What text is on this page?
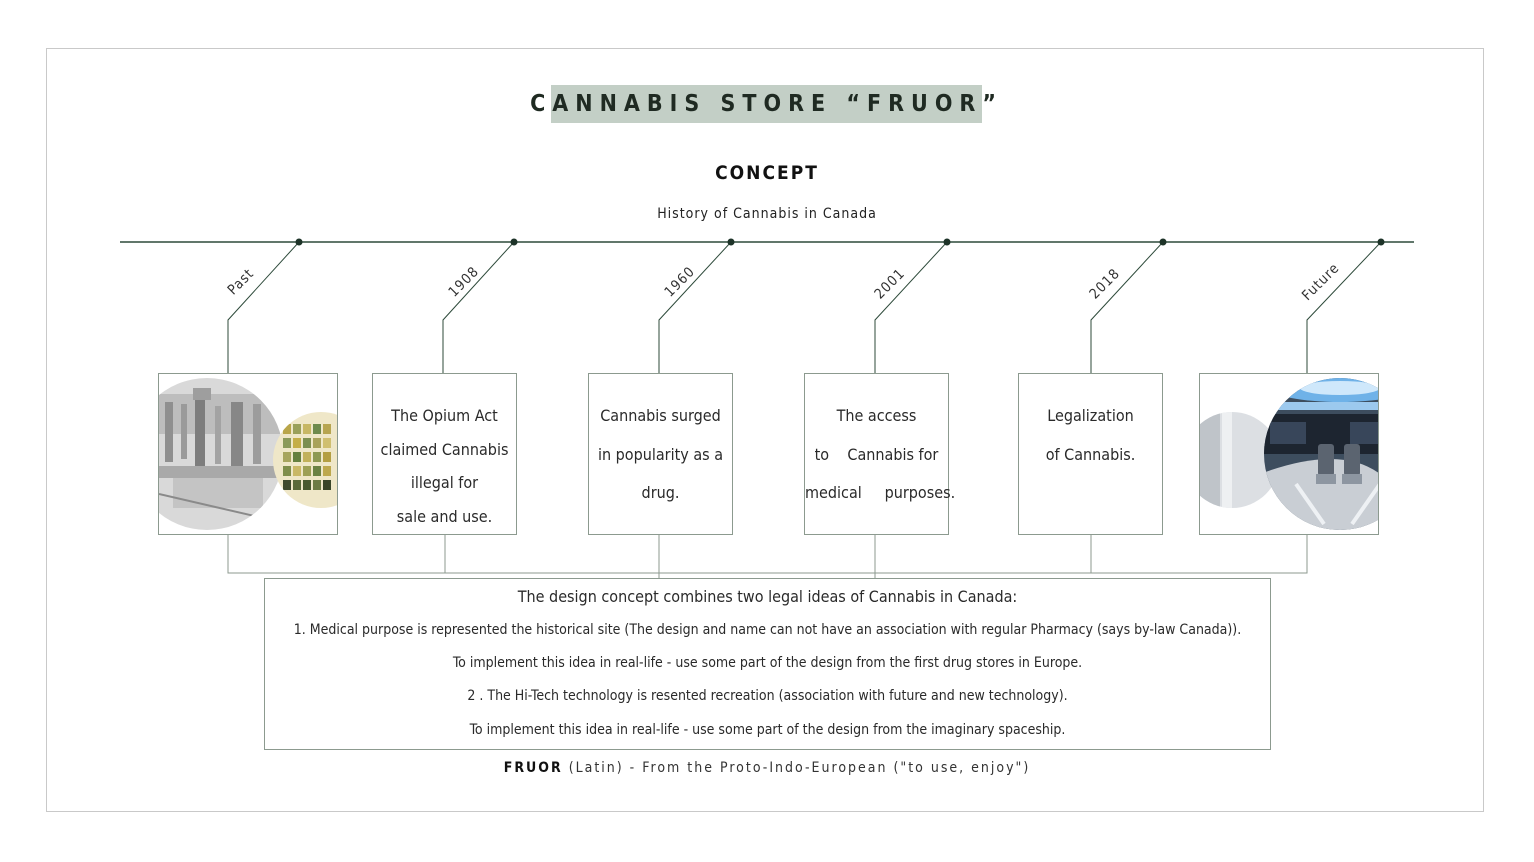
CANNABIS STORE “FRUOR”
CONCEPT
History of Cannabis in Canada
Past	1908	1960	2001	2018	Future
The Opium Act
claimed Cannabis
illegal for
sale and use.
Cannabis surged
in popularity as a
drug.
The access
to    Cannabis for
medical     purposes.
Legalization
of Cannabis.
The design concept combines two legal ideas of Cannabis in Canada:
1. Medical purpose is represented the historical site (The design and name can not have an association with regular Pharmacy (says by-law Canada)).
To implement this idea in real-life - use some part of the design from the first drug stores in Europe.
2 . The Hi-Tech technology is resented recreation (association with future and new technology).
To implement this idea in real-life - use some part of the design from the imaginary spaceship.
FRUOR (Latin) - From the Proto-Indo-European ("to use, enjoy")
